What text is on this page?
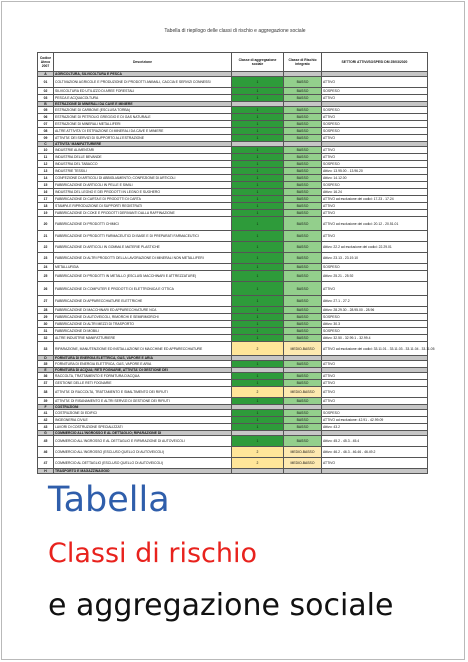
Tabella di riepilogo delle classi di rischio e aggregazione sociale
Codice Ateco 2007	Descrizione	Classe di aggregazione sociale	Classe di Rischio integrato	SETTORI ATTIVI/SOSPESI DM 25/03/2020
A	AGRICOLTURA, SILVICOLTURA E PESCA			
01	COLTIVAZIONI AGRICOLE E PRODUZIONE DI PRODOTTI ANIMALI, CACCIA E SERVIZI CONNESSI	1	BASSO	ATTIVO
02	SILVICOLTURA ED UTILIZZO DI AREE FORESTALI	1	BASSO	SOSPESO
03	PESCA E ACQUACOLTURA	1	BASSO	ATTIVO
B	ESTRAZIONE DI MINERALI DA CAVE E MINIERE			
05	ESTRAZIONE DI CARBONE (ESCLUSA TORBA)	1	BASSO	SOSPESO
06	ESTRAZIONE DI PETROLIO GREGGIO E DI GAS NATURALE	1	BASSO	ATTIVO
07	ESTRAZIONE DI MINERALI METALLIFERI	1	BASSO	SOSPESO
08	ALTRE ATTIVITA' DI ESTRAZIONE DI MINERALI DA CAVE E MINIERE	1	BASSO	SOSPESO
09	ATTIVITA' DEI SERVIZI DI SUPPORTO ALL'ESTRAZIONE	1	BASSO	ATTIVO
C	ATTIVITA' MANIFATTURIERE			
10	INDUSTRIE ALIMENTARI	1	BASSO	ATTIVO
11	INDUSTRIA DELLE BEVANDE	1	BASSO	ATTIVO
12	INDUSTRIA DEL TABACCO	1	BASSO	SOSPESO
13	INDUSTRIE TESSILI	1	BASSO	Attivo: 13.95.00 - 13.96.20
14	CONFEZIONE DI ARTICOLI DI ABBIGLIAMENTO; CONFEZIONE DI ARTICOLI	1	BASSO	Attivo: 14.12.00
15	FABBRICAZIONE DI ARTICOLI IN PELLE E SIMILI	1	BASSO	SOSPESO
16	INDUSTRIA DEL LEGNO E DEI PRODOTTI IN LEGNO E SUGHERO	1	BASSO	Attivo: 16.24
17	FABBRICAZIONE DI CARTA E DI PRODOTTI DI CARTA	1	BASSO	ATTIVO ad esclusione dei codici: 17.23 - 17.24
18	STAMPA E RIPRODUZIONE DI SUPPORTI REGISTRATI	1	BASSO	ATTIVO
19	FABBRICAZIONE DI COKE E PRODOTTI DERIVANTI DALLA RAFFINAZIONE	1	BASSO	ATTIVO
20	FABBRICAZIONE DI PRODOTTI CHIMICI	1	BASSO	ATTIVO ad esclusione dei codici: 20.12 - 20.51.01
21	FABBRICAZIONE DI PRODOTTI FARMACEUTICI DI BASE E DI PREPARATI FARMACEUTICI	1	BASSO	ATTIVO
22	FABBRICAZIONE DI ARTICOLI IN GOMMA E MATERIE PLASTICHE	1	BASSO	Attivo: 22.2 ad esclusione dei codici: 22.29.01
23	FABBRICAZIONE DI ALTRI PRODOTTI DELLA LAVORAZIONE DI MINERALI NON METALLIFERI	1	BASSO	Attivo: 23.13 - 23.19.10
24	METALLURGIA	1	BASSO	SOSPESO
25	FABBRICAZIONE DI PRODOTTI IN METALLO (ESCLUSI MACCHINARI E ATTREZZATURE)	1	BASSO	Attivo: 25.21 - 25.92
26	FABBRICAZIONE DI COMPUTER E PRODOTTI DI ELETTRONICA E OTTICA	1	BASSO	ATTIVO
27	FABBRICAZIONE DI APPARECCHIATURE ELETTRICHE	1	BASSO	Attivo: 27.1 - 27.2
28	FABBRICAZIONE DI MACCHINARI ED APPARECCHIATURE NCA	1	BASSO	Attivo: 28.29.30 - 28.95.00 - 28.96
29	FABBRICAZIONE DI AUTOVEICOLI, RIMORCHI E SEMIRIMORCHI	1	BASSO	SOSPESO
30	FABBRICAZIONE DI ALTRI MEZZI DI TRASPORTO	1	BASSO	Attivo: 30.3
31	FABBRICAZIONE DI MOBILI	1	BASSO	SOSPESO
32	ALTRE INDUSTRIE MANIFATTURIERE	1	BASSO	Attivo: 32.50 - 32.99.1 - 32.99.4
33	RIPARAZIONE, MANUTENZIONE ED INSTALLAZIONE DI MACCHINE ED APPARECCHIATURE	2	MEDIO-BASSO	ATTIVO ad esclusione dei codici: 33.11.01 - 33.11.03 - 33.11.04 - 33.11.05
D	FORNITURA DI ENERGIA ELETTRICA, GAS, VAPORE E ARIA			
35	FORNITURA DI ENERGIA ELETTRICA, GAS, VAPORE E ARIA	1	BASSO	ATTIVO
E	FORNITURA DI ACQUA; RETI FOGNARIE, ATTIVITA' DI GESTIONE DEI			
36	RACCOLTA, TRATTAMENTO E FORNITURA D'ACQUA	1	BASSO	ATTIVO
37	GESTIONE DELLE RETI FOGNARIE	1	BASSO	ATTIVO
38	ATTIVITA' DI RACCOLTA, TRATTAMENTO E SMALTIMENTO DEI RIFIUTI	2	MEDIO-BASSO	ATTIVO
39	ATTIVITA' DI RISANAMENTO E ALTRI SERVIZI DI GESTIONE DEI RIFIUTI	1	BASSO	ATTIVO
F	COSTRUZIONI			
41	COSTRUZIONE DI EDIFICI	1	BASSO	SOSPESO
42	INGEGNERIA CIVILE	1	BASSO	ATTIVO ad esclusione: 42.91 - 42.99.09
43	LAVORI DI COSTRUZIONE SPECIALIZZATI	1	BASSO	Attivo: 43.2
G	COMMERCIO ALL'INGROSSO E AL DETTAGLIO; RIPARAZIONE DI			
45	COMMERCIO ALL'INGROSSO E AL DETTAGLIO E RIPARAZIONE DI AUTOVEICOLI	1	BASSO	Attivo: 45.2 - 45.3 - 45.4
46	COMMERCIO ALL'INGROSSO (ESCLUSO QUELLO DI AUTOVEICOLI)	2	MEDIO-BASSO	Attivo: 46.2 - 46.3 - 46.46 - 46.49.2
47	COMMERCIO AL DETTAGLIO (ESCLUSO QUELLO DI AUTOVEICOLI)	2	MEDIO-BASSO	ATTIVO
H	TRASPORTO E MAGAZZINAGGIO			
Tabella
Classi di rischio
e aggregazione sociale
